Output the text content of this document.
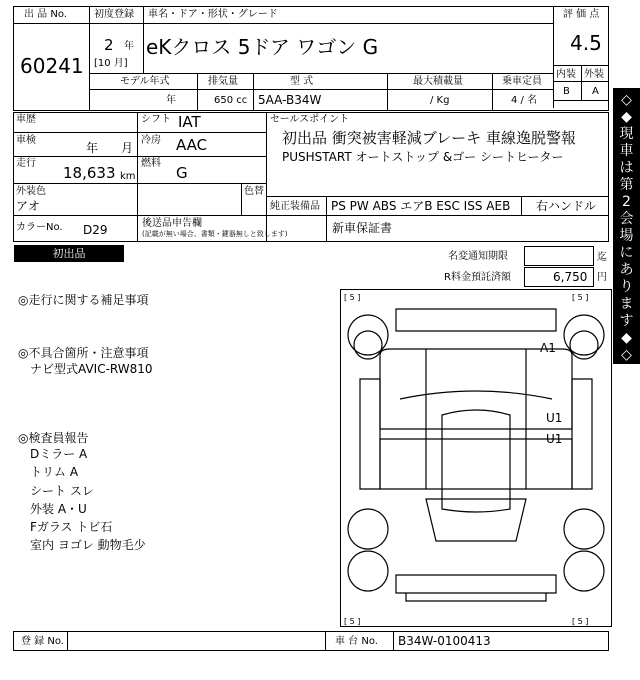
出 品 No.
60241
初度登録
2 年
[10 月]
車名・ドア・形状・グレード
eKクロス 5ドア ワゴン G
評 価 点
4.5
内装 外装
B A
モデル年式	排気量	型 式	最大積載量	乗車定員
年	650 cc 5AA-B34W	/ Kg	4 / 名
車歴
車検
年 月
走行
18,633 km
シフト IAT
冷房 AAC
燃料
G
セールスポイント
初出品 衝突被害軽減ブレーキ 車線逸脱警報
PUSHSTART オートストップ &ゴー シートヒーター
外装色
アオ
色替
純正装備品 PS PW ABS エアB ESC ISS AEB 右ハンドル
カラーNo. D29	後送品申告欄
(記載が無い場合、書類・鍵器無しと致します)	新車保証書
初出品	名変通知期限	迄
R料金預託済額	6,750 円
◎走行に関する補足事項
◎不具合箇所・注意事項
ナビ型式AVIC-RW810
◎検査員報告
Dミラー A
トリム A
シート スレ
外装 A・U
Fガラス トビ石
室内 ヨゴレ 動物毛少
[ 5 ]	[ 5 ]
[ 5 ]	[ 5 ]
A1
U1
U1
◇
◆
現
車
は
第
2
会
場
に
あ
り
ま
す
◆
◇
登 録 No.	車 台 No. B34W-0100413
